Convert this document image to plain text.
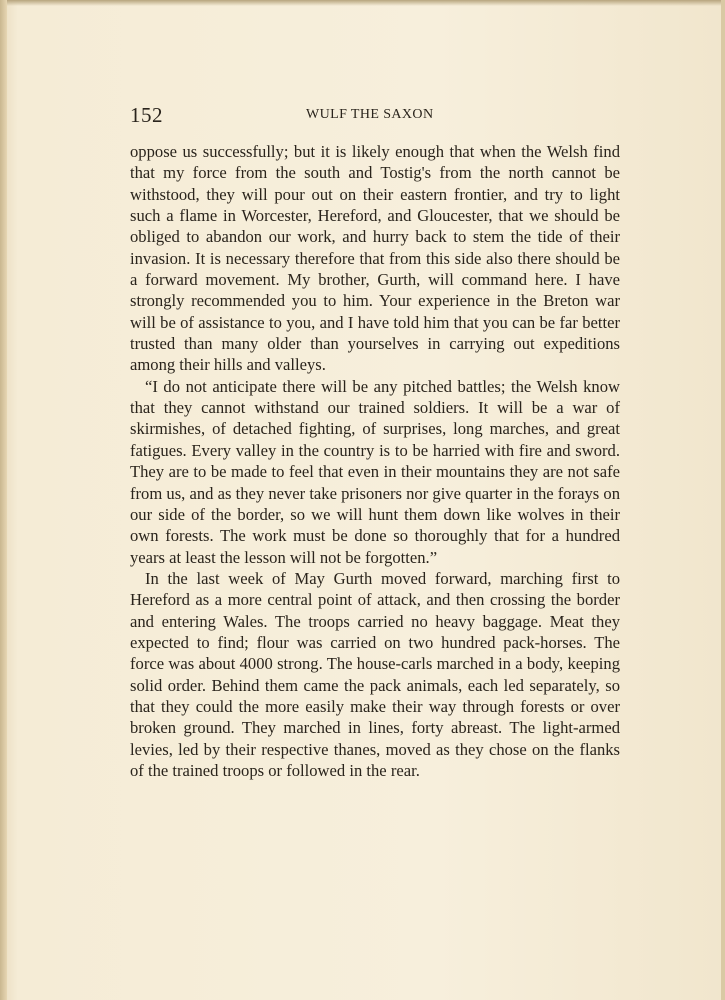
152	WULF THE SAXON

oppose us successfully; but it is likely enough that when the Welsh find that my force from the south and Tostig's from the north cannot be withstood, they will pour out on their eastern frontier, and try to light such a flame in Worcester, Hereford, and Gloucester, that we should be obliged to abandon our work, and hurry back to stem the tide of their invasion. It is necessary therefore that from this side also there should be a forward movement. My brother, Gurth, will command here. I have strongly recommended you to him. Your experience in the Breton war will be of assistance to you, and I have told him that you can be far better trusted than many older than yourselves in carrying out expeditions among their hills and valleys.

“I do not anticipate there will be any pitched battles; the Welsh know that they cannot withstand our trained soldiers. It will be a war of skirmishes, of detached fighting, of surprises, long marches, and great fatigues. Every valley in the country is to be harried with fire and sword. They are to be made to feel that even in their mountains they are not safe from us, and as they never take prisoners nor give quarter in the forays on our side of the border, so we will hunt them down like wolves in their own forests. The work must be done so thoroughly that for a hundred years at least the lesson will not be forgotten.”

In the last week of May Gurth moved forward, marching first to Hereford as a more central point of attack, and then crossing the border and entering Wales. The troops carried no heavy baggage. Meat they expected to find; flour was carried on two hundred pack-horses. The force was about 4000 strong. The house-carls marched in a body, keeping solid order. Behind them came the pack animals, each led separately, so that they could the more easily make their way through forests or over broken ground. They marched in lines, forty abreast. The light-armed levies, led by their respective thanes, moved as they chose on the flanks of the trained troops or followed in the rear.
